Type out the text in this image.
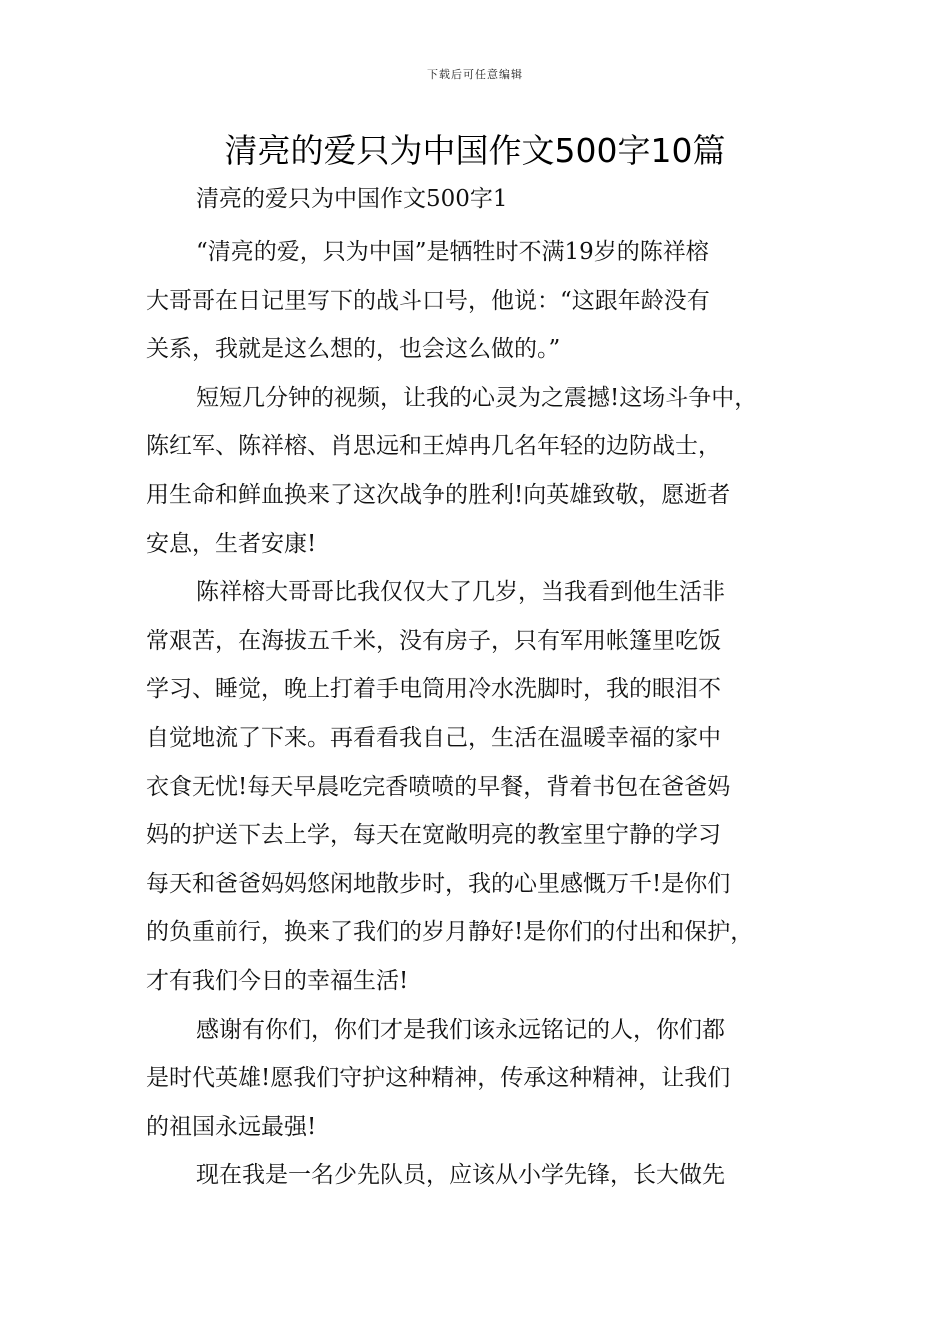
下载后可任意编辑
清亮的爱只为中国作文500字10篇
清亮的爱只为中国作文500字1

“清亮的爱，只为中国”是牺牲时不满19岁的陈祥榕
大哥哥在日记里写下的战斗口号，他说：“这跟年龄没有
关系，我就是这么想的，也会这么做的。”

短短几分钟的视频，让我的心灵为之震撼!这场斗争中，
陈红军、陈祥榕、肖思远和王焯冉几名年轻的边防战士，
用生命和鲜血换来了这次战争的胜利!向英雄致敬，愿逝者
安息，生者安康!

陈祥榕大哥哥比我仅仅大了几岁，当我看到他生活非
常艰苦，在海拔五千米，没有房子，只有军用帐篷里吃饭
学习、睡觉，晚上打着手电筒用冷水洗脚时，我的眼泪不
自觉地流了下来。再看看我自己，生活在温暖幸福的家中
衣食无忧!每天早晨吃完香喷喷的早餐，背着书包在爸爸妈
妈的护送下去上学，每天在宽敞明亮的教室里宁静的学习
每天和爸爸妈妈悠闲地散步时，我的心里感慨万千!是你们
的负重前行，换来了我们的岁月静好!是你们的付出和保护，
才有我们今日的幸福生活!

感谢有你们，你们才是我们该永远铭记的人，你们都
是时代英雄!愿我们守护这种精神，传承这种精神，让我们
的祖国永远最强!

现在我是一名少先队员，应该从小学先锋，长大做先
